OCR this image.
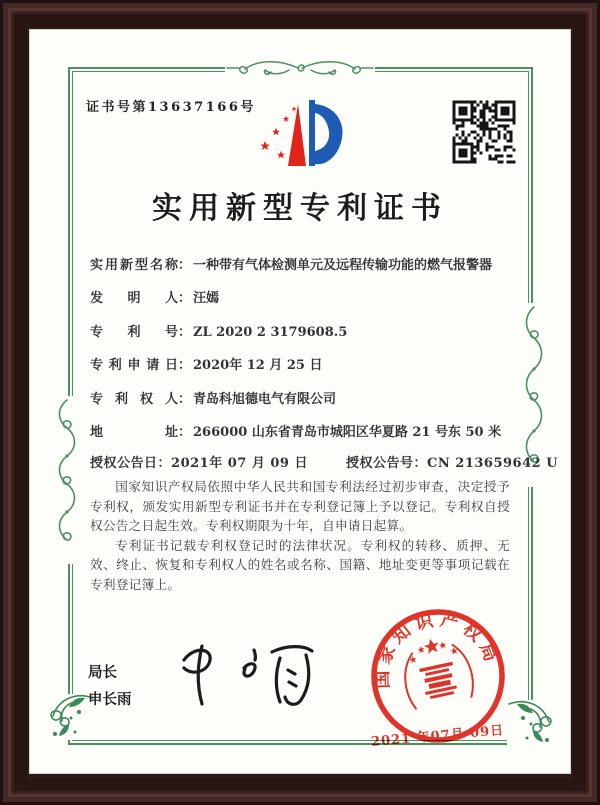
证书号第13637166号
实用新型专利证书
实用新型名称： 一种带有气体检测单元及远程传输功能的燃气报警器
发明人： 汪嫣
专利号： ZL 2020 2 3179608.5
专利申请日： 2020年 12 月 25 日
专利权人： 青岛科旭德电气有限公司
地址： 266000 山东省青岛市城阳区华夏路 21 号东 50 米
授权公告日：2021年 07 月 09 日	授权公告号：CN 213659642 U

国家知识产权局依照中华人民共和国专利法经过初步审查，决定授予专利权，颁发实用新型专利证书并在专利登记簿上予以登记。专利权自授权公告之日起生效。专利权期限为十年，自申请日起算。

专利证书记载专利权登记时的法律状况。专利权的转移、质押、无效、终止、恢复和专利权人的姓名或名称、国籍、地址变更等事项记载在专利登记簿上。

局长
申长雨
国家知识产权局
2021 年07月 09日
